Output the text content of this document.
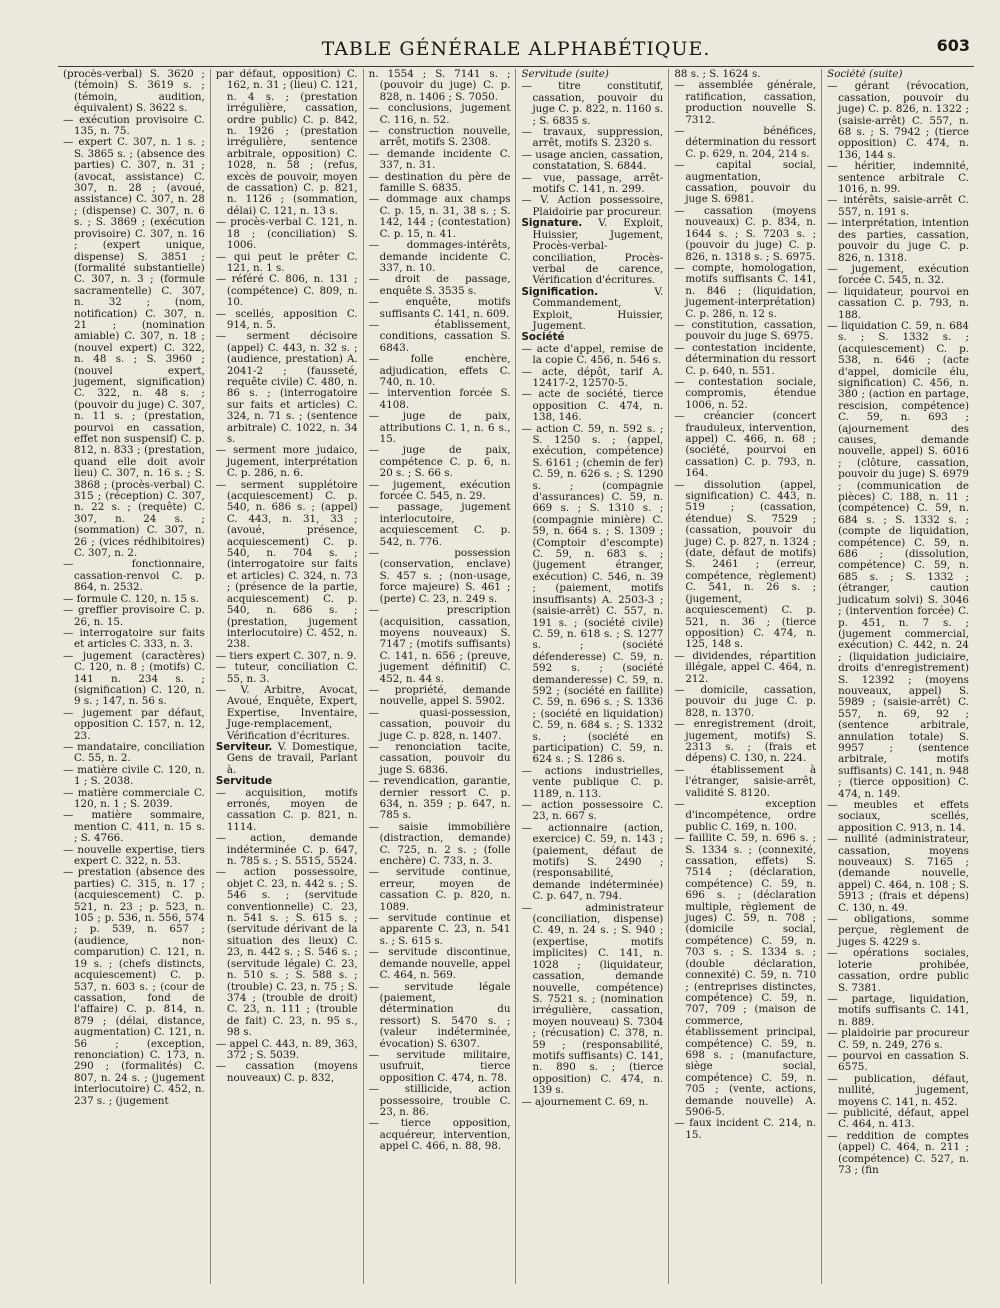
TABLE GÉNÉRALE ALPHABÉTIQUE.	603

(procès-verbal) S. 3620 ; (témoin) S. 3619 s. ; (témoin, audition, équivalent) S. 3622 s.

— exécution provisoire C. 135, n. 75.

— expert C. 307, n. 1 s. ; S. 3865 s. ; (absence des parties) C. 307, n. 31 ; (avocat, assistance) C. 307, n. 28 ; (avoué, assistance) C. 307, n. 28 ; (dispense) C. 307, n. 6 s. ; S. 3869 ; (exécution provisoire) C. 307, n. 16 ; (expert unique, dispense) S. 3851 ; (formalité substantielle) C. 307, n. 3 ; (formule sacramentelle) C. 307, n. 32 ; (nom, notification) C. 307, n. 21 ; (nomination amiable) C. 307, n. 18 ; (nouvel expert) C. 322, n. 48 s. ; S. 3960 ; (nouvel expert, jugement, signification) C. 322, n. 48 s. ; (pouvoir du juge) C. 307, n. 11 s. ; (prestation, pourvoi en cassation, effet non suspensif) C. p. 812, n. 833 ; (prestation, quand elle doit avoir lieu) C. 307, n. 16 s. ; S. 3868 ; (procès-verbal) C. 315 ; (réception) C. 307, n. 22 s. ; (requête) C. 307, n. 24 s. ; (sommation) C. 307, n. 26 ; (vices rédhibitoires) C. 307, n. 2.

— fonctionnaire, cassation-renvoi C. p. 864, n. 2532.

— formule C. 120, n. 15 s.

— greffier provisoire C. p. 26, n. 15.

— interrogatoire sur faits et articles C. 333, n. 3.

— jugement (caractères) C. 120, n. 8 ; (motifs) C. 141 n. 234 s. ; (signification) C. 120, n. 9 s. ; 147, n. 56 s.

— jugement par défaut, opposition C. 157, n. 12, 23.

— mandataire, conciliation C. 55, n. 2.

— matière civile C. 120, n. 1 ; S. 2038.

— matière commerciale C. 120, n. 1 ; S. 2039.

— matière sommaire, mention C. 411, n. 15 s. ; S. 4766.

— nouvelle expertise, tiers expert C. 322, n. 53.

— prestation (absence des parties) C. 315, n. 17 ; (acquiescement) C. p. 521, n. 23 ; p. 523, n. 105 ; p. 536, n. 556, 574 ; p. 539, n. 657 ; (audience, non-comparution) C. 121, n. 19 s. ; (chefs distincts, acquiescement) C. p. 537, n. 603 s. ; (cour de cassation, fond de l'affaire) C. p. 814, n. 879 ; (délai, distance, augmentation) C. 121, n. 56 ; (exception, renonciation) C. 173, n. 290 ; (formalités) C. 807, n. 24 s. ; (jugement interlocutoire) C. 452, n. 237 s. ; (jugement

par défaut, opposition) C. 162, n. 31 ; (lieu) C. 121, n. 4 s. ; (prestation irrégulière, cassation, ordre public) C. p. 842, n. 1926 ; (prestation irrégulière, sentence arbitrale, opposition) C. 1028, n. 58 ; (refus, excès de pouvoir, moyen de cassation) C. p. 821, n. 1126 ; (sommation, délai) C. 121, n. 13 s.

— procès-verbal C. 121, n. 18 ; (conciliation) S. 1006.

— qui peut le prêter C. 121, n. 1 s.

— référé C. 806, n. 131 ; (compétence) C. 809, n. 10.

— scellés, apposition C. 914, n. 5.

— serment décisoire (appel) C. 443, n. 32 s. ; (audience, prestation) A. 2041-2 ; (fausseté, requête civile) C. 480, n. 86 s. ; (interrogatoire sur faits et articles) C. 324, n. 71 s. ; (sentence arbitrale) C. 1022, n. 34 s.

— serment more judaico, jugement, interprétation C. p. 286, n. 6.

— serment supplétoire (acquiescement) C. p. 540, n. 686 s. ; (appel) C. 443, n. 31, 33 ; (avoué, présence, acquiescement) C. p. 540, n. 704 s. ; (interrogatoire sur faits et articles) C. 324, n. 73 ; (présence de la partie, acquiescement) C. p. 540, n. 686 s. ; (prestation, jugement interlocutoire) C. 452, n. 238.

— tiers expert C. 307, n. 9.

— tuteur, conciliation C. 55, n. 3.

— V. Arbitre, Avocat, Avoué, Enquête, Expert, Expertise, Inventaire, Juge-remplacement, Vérification d'écritures.

Serviteur. V. Domestique, Gens de travail, Parlant à.

Servitude

— acquisition, motifs erronés, moyen de cassation C. p. 821, n. 1114.

— action, demande indéterminée C. p. 647, n. 785 s. ; S. 5515, 5524.

— action possessoire, objet C. 23, n. 442 s. ; S. 546 s. ; (servitude conventionnelle) C. 23, n. 541 s. ; S. 615 s. ; (servitude dérivant de la situation des lieux) C. 23, n. 442 s. ; S. 546 s. ; (servitude légale) C. 23, n. 510 s. ; S. 588 s. ; (trouble) C. 23, n. 75 ; S. 374 ; (trouble de droit) C. 23, n. 111 ; (trouble de fait) C. 23, n. 95 s., 98 s.

— appel C. 443, n. 89, 363, 372 ; S. 5039.

— cassation (moyens nouveaux) C. p. 832,

n. 1554 ; S. 7141 s. ; (pouvoir du juge) C. p. 828, n. 1406 ; S. 7050.

— conclusions, jugement C. 116, n. 52.

— construction nouvelle, arrêt, motifs S. 2308.

— demande incidente C. 337, n. 31.

— destination du père de famille S. 6835.

— dommage aux champs C. p. 15, n. 31, 38 s. ; S. 142, 144 ; (contestation) C. p. 15, n. 41.

— dommages-intérêts, demande incidente C. 337, n. 10.

— droit de passage, enquête S. 3535 s.

— enquête, motifs suffisants C. 141, n. 609.

— établissement, conditions, cassation S. 6843.

— folle enchère, adjudication, effets C. 740, n. 10.

— intervention forcée S. 4108.

— juge de paix, attributions C. 1, n. 6 s., 15.

— juge de paix, compétence C. p. 6, n. 20 s. ; S. 66 s.

— jugement, exécution forcée C. 545, n. 29.

— passage, jugement interlocutoire, acquiescement C. p. 542, n. 776.

— possession (conservation, enclave) S. 457 s. ; (non-usage, force majeure) S. 461 ; (perte) C. 23, n. 249 s.

— prescription (acquisition, cassation, moyens nouveaux) S. 7147 ; (motifs suffisants) C. 141, n. 656 ; (preuve, jugement définitif) C. 452, n. 44 s.

— propriété, demande nouvelle, appel S. 5902.

— quasi-possession, cassation, pouvoir du juge C. p. 828, n. 1407.

— renonciation tacite, cassation, pouvoir du juge S. 6836.

— revendication, garantie, dernier ressort C. p. 634, n. 359 ; p. 647, n. 785 s.

— saisie immobilière (distraction, demande) C. 725, n. 2 s. ; (folle enchère) C. 733, n. 3.

— servitude continue, erreur, moyen de cassation C. p. 820, n. 1089.

— servitude continue et apparente C. 23, n. 541 s. ; S. 615 s.

— servitude discontinue, demande nouvelle, appel C. 464, n. 569.

— servitude légale (paiement, détermination du ressort) S. 5470 s. ; (valeur indéterminée, évocation) S. 6307.

— servitude militaire, usufruit, tierce opposition C. 474, n. 78.

— stillicide, action possessoire, trouble C. 23, n. 86.

— tierce opposition, acquéreur, intervention, appel C. 466, n. 88, 98.

Servitude (suite)

— titre constitutif, cassation, pouvoir du juge C. p. 822, n. 1160 s. ; S. 6835 s.

— travaux, suppression, arrêt, motifs S. 2320 s.

— usage ancien, cassation, constatation, S. 6844.

— vue, passage, arrêt-motifs C. 141, n. 299.

— V. Action possessoire, Plaidoirie par procureur.

Signature. V. Exploit, Huissier, Jugement, Procès-verbal-conciliation, Procès-verbal de carence, Vérification d'écritures.

Signification.	V. Commandement, Exploit, Huissier, Jugement.

Société

— acte d'appel, remise de la copie C. 456, n. 546 s.

— acte, dépôt, tarif A. 12417-2, 12570-5.

— acte de société, tierce opposition C. 474, n. 138, 146.

— action C. 59, n. 592 s. ; S. 1250 s. ; (appel, exécution, compétence) S. 6161 ; (chemin de fer) C. 59, n. 626 s. ; S. 1290 s. ; (compagnie d'assurances) C. 59, n. 669 s. ; S. 1310 s. ; (compagnie minière) C. 59, n. 664 s. ; S. 1309 ; (Comptoir d'escompte) C. 59, n. 683 s. ; (jugement étranger, exécution) C. 546, n. 39 ; (paiement, motifs insuffisants) A. 2503-3 ; (saisie-arrêt) C. 557, n. 191 s. ; (société civile) C. 59, n. 618 s. ; S. 1277 s. ; (société défenderesse) C. 59, n. 592 s. ; (société demanderesse) C. 59, n. 592 ; (société en faillite) C. 59, n. 696 s. ; S. 1336 ; (société en liquidation) C. 59, n. 684 s. ; S. 1332 s. ; (société en participation) C. 59, n. 624 s. ; S. 1286 s.

— actions industrielles, vente publique C. p. 1189, n. 113.

— action possessoire C. 23, n. 667 s.

— actionnaire (action, exercice) C. 59, n. 143 ; (paiement, défaut de motifs) S. 2490 ; (responsabilité, demande indéterminée) C. p. 647, n. 794.

— administrateur (conciliation, dispense) C. 49, n. 24 s. ; S. 940 ; (expertise, motifs implicites) C. 141, n. 1028 ; (liquidateur, cassation, demande nouvelle, compétence) S. 7521 s. ; (nomination irrégulière, cassation, moyen nouveau) S. 7304 ; (récusation) C. 378, n. 59 ; (responsabilité, motifs suffisants) C. 141, n. 890 s. ; (tierce opposition) C. 474, n. 139 s.

— ajournement C. 69, n.

88 s. ; S. 1624 s.

— assemblée générale, ratification, cassation, production nouvelle S. 7312.

— bénéfices, détermination du ressort C. p. 629, n. 204, 214 s.

— capital social, augmentation, cassation, pouvoir du juge S. 6981.

— cassation (moyens nouveaux) C. p. 834, n. 1644 s. ; S. 7203 s. ; (pouvoir du juge) C. p. 826, n. 1318 s. ; S. 6975.

— compte, homologation, motifs suffisants C. 141, n. 846 ; (liquidation, jugement-interprétation) C. p. 286, n. 12 s.

— constitution, cassation, pouvoir du juge S. 6975.

— contestation incidente, détermination du ressort C. p. 640, n. 551.

— contestation sociale, compromis, étendue 1006, n. 52.

— créancier (concert frauduleux, intervention, appel) C. 466, n. 68 ; (société, pourvoi en cassation) C. p. 793, n. 164.

— dissolution (appel, signification) C. 443, n. 519 ; (cassation, étendue) S. 7529 ; (cassation, pouvoir du juge) C. p. 827, n. 1324 ; (date, défaut de motifs) S. 2461 ; (erreur, compétence, règlement) C. 541, n. 26 s. ; (jugement, acquiescement) C. p. 521, n. 36 ; (tierce opposition) C. 474, n. 125, 148 s.

— dividendes, répartition illégale, appel C. 464, n. 212.

— domicile, cassation, pouvoir du juge C. p. 828, n. 1370.

— enregistrement (droit, jugement, motifs) S. 2313 s. ; (frais et dépens) C. 130, n. 224.

— établissement à l'étranger, saisie-arrêt, validité S. 8120.

— exception d'incompétence, ordre public C. 169, n. 100.

— faillite C. 59, n. 696 s. ; S. 1334 s. ; (connexité, cassation, effets) S. 7514 ; (déclaration, compétence) C. 59, n. 696 s. ; (déclaration multiple, règlement de juges) C. 59, n. 708 ; (domicile social, compétence) C. 59, n. 703 s. ; S. 1334 s. ; (double déclaration, connexité) C. 59, n. 710 ; (entreprises distinctes, compétence) C. 59, n. 707, 709 ; (maison de commerce, établissement principal, compétence) C. 59, n. 698 s. ; (manufacture, siège social, compétence) C. 59, n. 705 ; (vente, actions, demande nouvelle) A. 5906-5.

— faux incident C. 214, n. 15.

Société (suite)

— gérant (révocation, cassation, pouvoir du juge) C. p. 826, n. 1322 ; (saisie-arrêt) C. 557, n. 68 s. ; S. 7942 ; (tierce opposition) C. 474, n. 136, 144 s.

— héritier, indemnité, sentence arbitrale C. 1016, n. 99.

— intérêts, saisie-arrêt C. 557, n. 191 s.

— interprétation, intention des parties, cassation, pouvoir du juge C. p. 826, n. 1318.

— jugement, exécution forcée C. 545, n. 32.

— liquidateur, pourvoi en cassation C. p. 793, n. 188.

— liquidation C. 59, n. 684 s. ; S. 1332 s. ; (acquiescement) C. p. 538, n. 646 ; (acte d'appel, domicile élu, signification) C. 456, n. 380 ; (action en partage, rescision, compétence) C. 59, n. 693 ; (ajournement des causes, demande nouvelle, appel) S. 6016 ; (clôture, cassation, pouvoir du juge) S. 6979 ; (communication de pièces) C. 188, n. 11 ; (compétence) C. 59, n. 684 s. ; S. 1332 s. ; (compte de liquidation, compétence) C. 59, n. 686 ; (dissolution, compétence) C. 59, n. 685 s. ; S. 1332 ; (étranger, caution judicatum solvi) S. 3046 ; (intervention forcée) C. p. 451, n. 7 s. ; (jugement commercial, exécution) C. 442, n. 24 ; (liquidation judiciaire, droits d'enregistrement) S. 12392 ; (moyens nouveaux, appel) S. 5989 ; (saisie-arrêt) C. 557, n. 69, 92 ; (sentence arbitrale, annulation totale) S. 9957 ; (sentence arbitrale, motifs suffisants) C. 141, n. 948 ; (tierce opposition) C. 474, n. 149.

— meubles et effets sociaux, scellés, apposition C. 913, n. 14.

— nullité (administrateur, cassation, moyens nouveaux) S. 7165 ; (demande nouvelle, appel) C. 464, n. 108 ; S. 5913 ; (frais et dépens) C. 130, n. 49.

— obligations, somme perçue, règlement de juges S. 4229 s.

— opérations sociales, loterie prohibée, cassation, ordre public S. 7381.

— partage, liquidation, motifs suffisants C. 141, n. 889.

— plaidoirie par procureur C. 59, n. 249, 276 s.

— pourvoi en cassation S. 6575.

— publication, défaut, nullité, jugement, moyens C. 141, n. 452.

— publicité, défaut, appel C. 464, n. 413.

— reddition de comptes (appel) C. 464, n. 211 ; (compétence) C. 527, n. 73 ; (fin
